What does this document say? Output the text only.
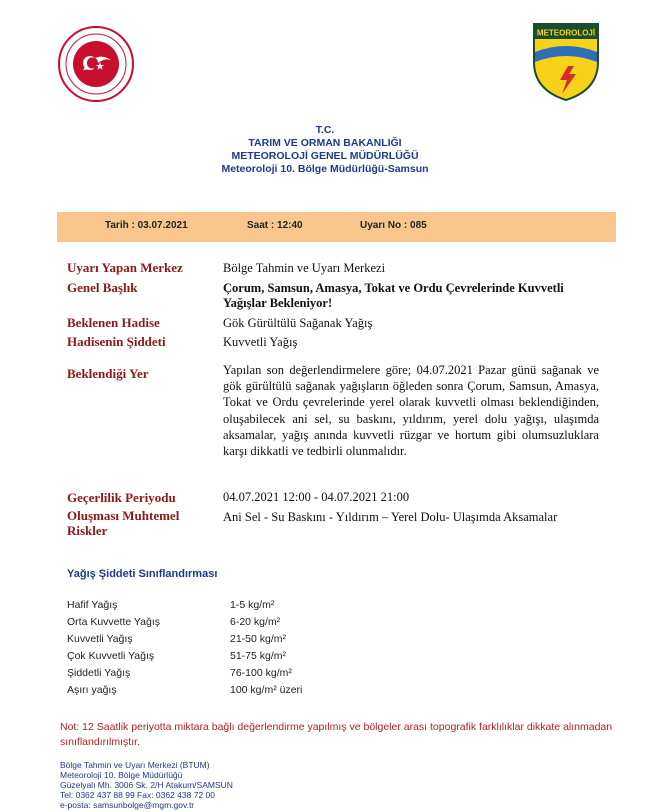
METEOROLOJİ
T.C.
TARIM VE ORMAN BAKANLIĞI
METEOROLOJİ GENEL MÜDÜRLÜĞÜ
Meteoroloji 10. Bölge Müdürlüğü-Samsun
Tarih : 03.07.2021	Saat : 12:40	Uyarı No : 085
Uyarı Yapan Merkez	Bölge Tahmin ve Uyarı Merkezi
Genel Başlık	Çorum, Samsun, Amasya, Tokat ve Ordu Çevrelerinde Kuvvetli
Yağışlar Bekleniyor!
Beklenen Hadise	Gök Gürültülü Sağanak Yağış
Hadisenin Şiddeti	Kuvvetli Yağış
Beklendiği Yer	Yapılan son değerlendirmelere göre; 04.07.2021 Pazar günü sağanak ve gök gürültülü sağanak yağışların öğleden sonra Çorum, Samsun, Amasya, Tokat ve Ordu çevrelerinde yerel olarak kuvvetli olması beklendiğinden, oluşabilecek ani sel, su baskını, yıldırım, yerel dolu yağışı, ulaşımda aksamalar, yağış anında kuvvetli rüzgar ve hortum gibi olumsuzluklara karşı dikkatli ve tedbirli olunmalıdır.
Geçerlilik Periyodu	04.07.2021 12:00 - 04.07.2021 21:00
Oluşması Muhtemel
Riskler
Ani Sel - Su Baskını - Yıldırım – Yerel Dolu- Ulaşımda Aksamalar
Yağış Şiddeti Sınıflandırması
Hafif Yağış	1-5 kg/m²
Orta Kuvvette Yağış	6-20 kg/m²
Kuvvetli Yağış	21-50 kg/m²
Çok Kuvvetli Yağış	51-75 kg/m²
Şiddetli Yağış	76-100 kg/m²
Aşırı yağış	100 kg/m² üzeri
Not: 12 Saatlik periyotta miktara bağlı değerlendirme yapılmış ve bölgeler arası topografik farklılıklar dikkate alınmadan sınıflandırılmıştır.
Bölge Tahmin ve Uyarı Merkezi (BTUM)
Meteoroloji 10. Bölge Müdürlüğü
Güzelyalı Mh. 3006 Sk. 2/H Atakum/SAMSUN
Tel: 0362 437 88 99 Fax: 0362 438 72 00
e-posta: samsunbolge@mgm.gov.tr
